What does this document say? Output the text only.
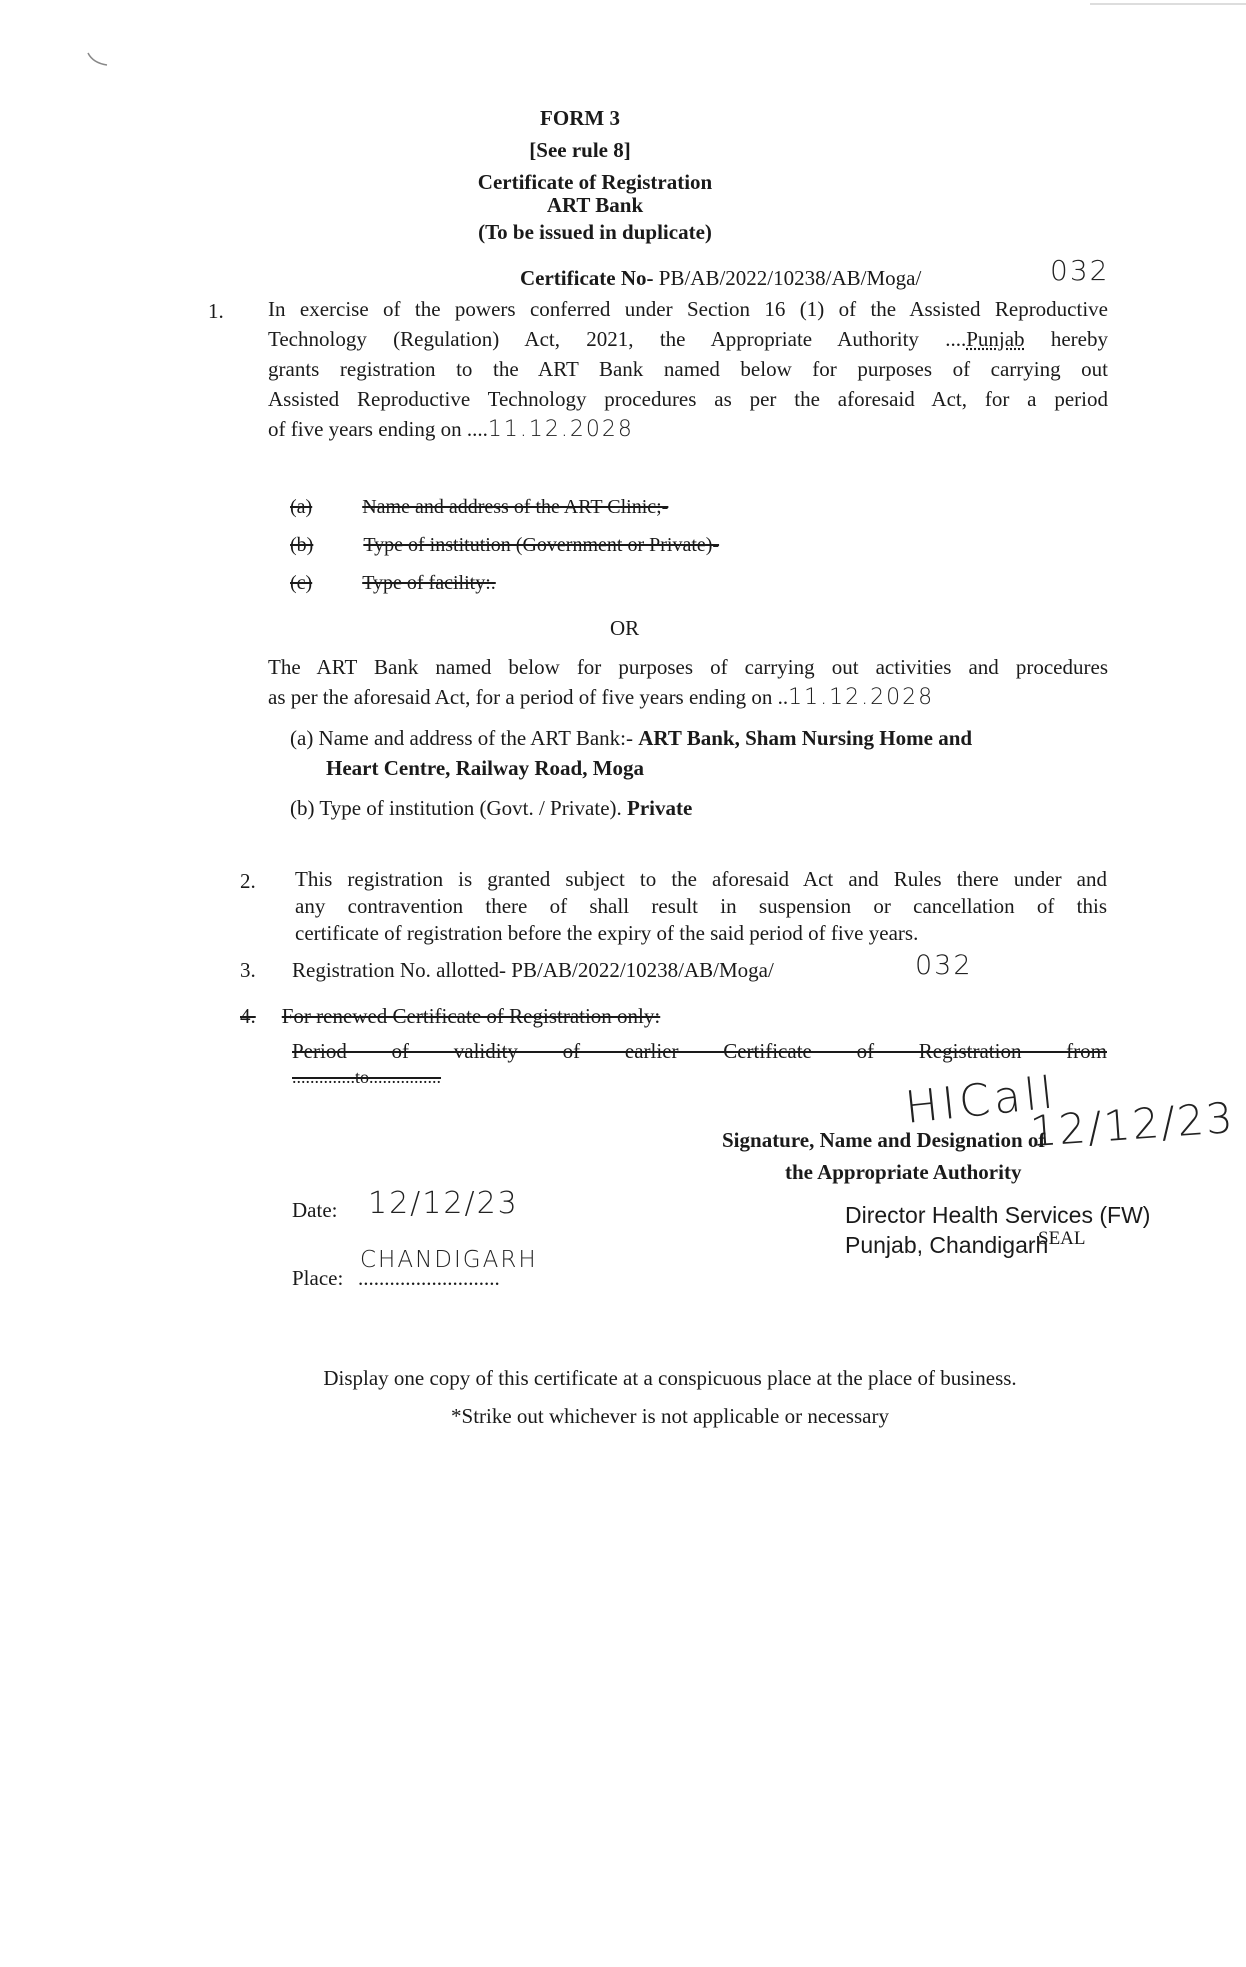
FORM 3
[See rule 8]
Certificate of Registration
ART Bank
(To be issued in duplicate)
Certificate No- PB/AB/2022/10238/AB/Moga/	032
1. In exercise of the powers conferred under Section 16 (1) of the Assisted Reproductive
Technology (Regulation) Act, 2021, the Appropriate Authority ....Punjab hereby
grants registration to the ART Bank named below for purposes of carrying out
Assisted Reproductive Technology procedures as per the aforesaid Act, for a period
of five years ending on ....11.12.2028
(a)	Name and address of the ART Clinic;-
(b)	Type of institution (Government or Private)-
(c)	Type of facility:.
OR
The ART Bank named below for purposes of carrying out activities and procedures
as per the aforesaid Act, for a period of five years ending on ..11.12.2028
(a) Name and address of the ART Bank:- ART Bank, Sham Nursing Home and
Heart Centre, Railway Road, Moga
(b) Type of institution (Govt. / Private). Private
2. This registration is granted subject to the aforesaid Act and Rules there under and
any contravention there of shall result in suspension or cancellation of this
certificate of registration before the expiry of the said period of five years.
3. Registration No. allotted- PB/AB/2022/10238/AB/Moga/	032
4. For renewed Certificate of Registration only:
Period of validity of earlier Certificate of Registration from
..............to................	HICall
12/12/23
Signature, Name and Designation of
the Appropriate Authority
Director Health Services (FW)
Punjab, Chandigarh
SEAL
Date: 12/12/23
Place: ...........................
CHANDIGARH
Display one copy of this certificate at a conspicuous place at the place of business.
*Strike out whichever is not applicable or necessary
